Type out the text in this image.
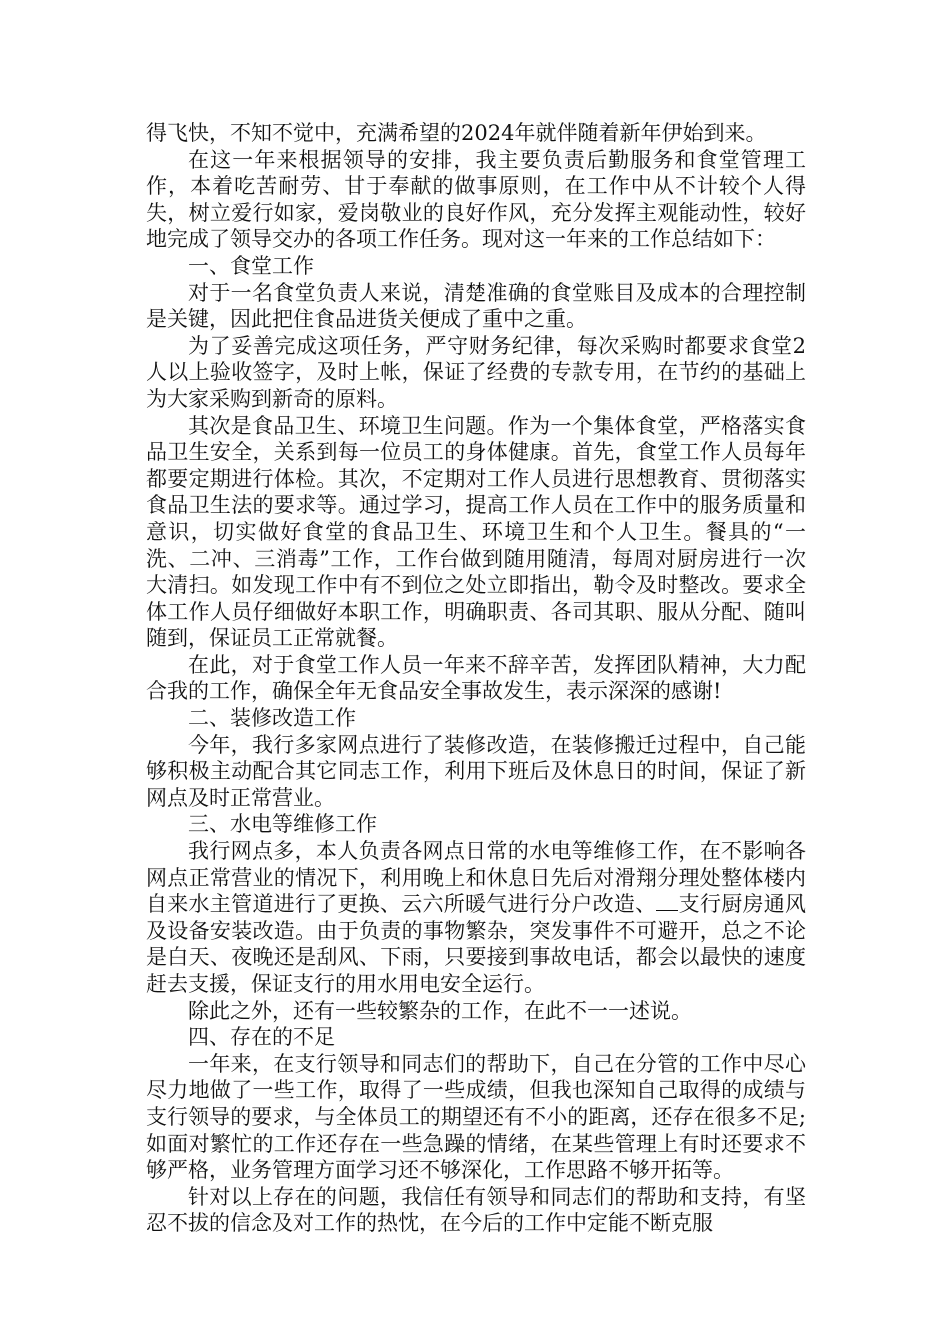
得飞快，不知不觉中，充满希望的2024年就伴随着新年伊始到来。

在这一年来根据领导的安排，我主要负责后勤服务和食堂管理工作，本着吃苦耐劳、甘于奉献的做事原则，在工作中从不计较个人得失，树立爱行如家，爱岗敬业的良好作风，充分发挥主观能动性，较好地完成了领导交办的各项工作任务。现对这一年来的工作总结如下：

一、食堂工作

对于一名食堂负责人来说，清楚准确的食堂账目及成本的合理控制是关键，因此把住食品进货关便成了重中之重。

为了妥善完成这项任务，严守财务纪律，每次采购时都要求食堂2人以上验收签字，及时上帐，保证了经费的专款专用，在节约的基础上为大家采购到新奇的原料。

其次是食品卫生、环境卫生问题。作为一个集体食堂，严格落实食品卫生安全，关系到每一位员工的身体健康。首先，食堂工作人员每年都要定期进行体检。其次，不定期对工作人员进行思想教育、贯彻落实食品卫生法的要求等。通过学习，提高工作人员在工作中的服务质量和意识，切实做好食堂的食品卫生、环境卫生和个人卫生。餐具的“一洗、二冲、三消毒”工作，工作台做到随用随清，每周对厨房进行一次大清扫。如发现工作中有不到位之处立即指出，勒令及时整改。要求全体工作人员仔细做好本职工作，明确职责、各司其职、服从分配、随叫随到，保证员工正常就餐。

在此，对于食堂工作人员一年来不辞辛苦，发挥团队精神，大力配合我的工作，确保全年无食品安全事故发生，表示深深的感谢!

二、装修改造工作

今年，我行多家网点进行了装修改造，在装修搬迁过程中，自己能够积极主动配合其它同志工作，利用下班后及休息日的时间，保证了新网点及时正常营业。

三、水电等维修工作

我行网点多，本人负责各网点日常的水电等维修工作，在不影响各网点正常营业的情况下，利用晚上和休息日先后对滑翔分理处整体楼内自来水主管道进行了更换、云六所暖气进行分户改造、 支行厨房通风及设备安装改造。由于负责的事物繁杂，突发事件不可避开，总之不论是白天、夜晚还是刮风、下雨，只要接到事故电话，都会以最快的速度赶去支援，保证支行的用水用电安全运行。

除此之外，还有一些较繁杂的工作，在此不一一述说。

四、存在的不足

一年来，在支行领导和同志们的帮助下，自己在分管的工作中尽心尽力地做了一些工作，取得了一些成绩，但我也深知自己取得的成绩与支行领导的要求，与全体员工的期望还有不小的距离，还存在很多不足;如面对繁忙的工作还存在一些急躁的情绪，在某些管理上有时还要求不够严格，业务管理方面学习还不够深化，工作思路不够开拓等。

针对以上存在的问题，我信任有领导和同志们的帮助和支持，有坚忍不拔的信念及对工作的热忱，在今后的工作中定能不断克服
